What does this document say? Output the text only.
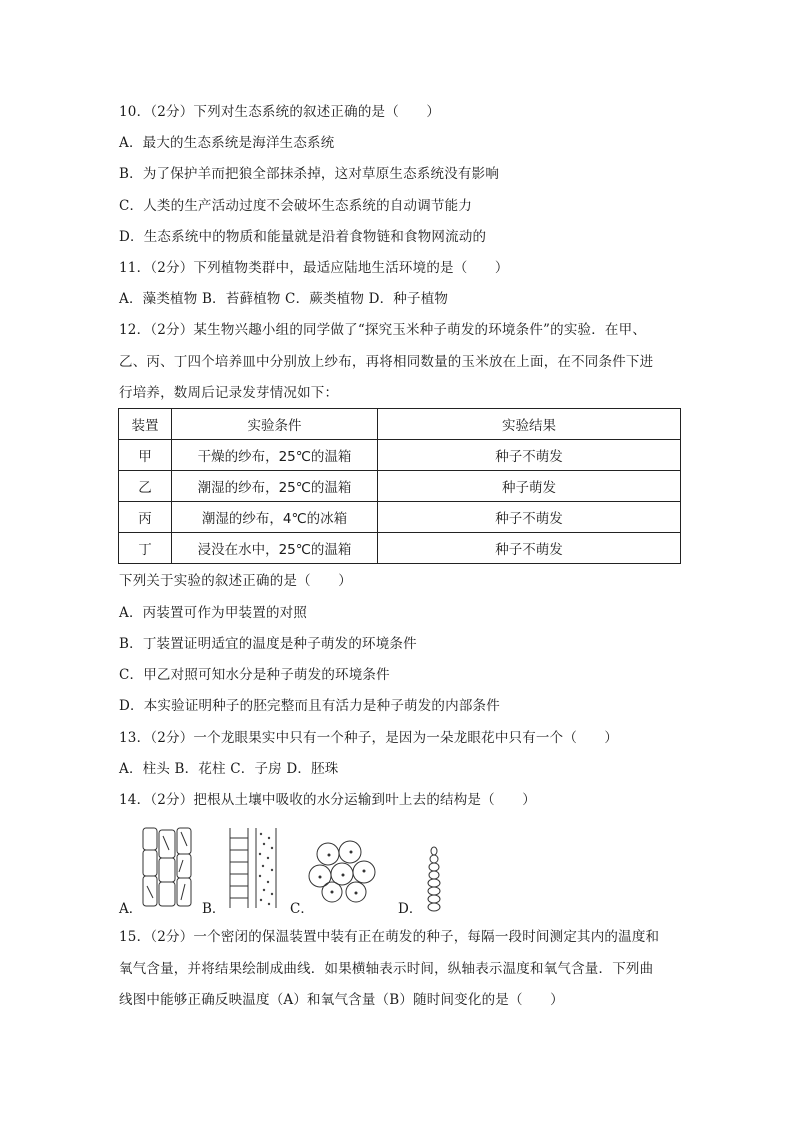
10．（2分）下列对生态系统的叙述正确的是（　　）
A．最大的生态系统是海洋生态系统
B．为了保护羊而把狼全部抹杀掉，这对草原生态系统没有影响
C．人类的生产活动过度不会破坏生态系统的自动调节能力
D．生态系统中的物质和能量就是沿着食物链和食物网流动的
11．（2分）下列植物类群中，最适应陆地生活环境的是（　　）
A．藻类植物 B．苔藓植物 C．蕨类植物 D．种子植物
12．（2分）某生物兴趣小组的同学做了“探究玉米种子萌发的环境条件”的实验．在甲、
乙、丙、丁四个培养皿中分别放上纱布，再将相同数量的玉米放在上面，在不同条件下进
行培养，数周后记录发芽情况如下：
装置	实验条件	实验结果
甲	干燥的纱布，25℃的温箱	种子不萌发
乙	潮湿的纱布，25℃的温箱	种子萌发
丙	潮湿的纱布，4℃的冰箱	种子不萌发
丁	浸没在水中，25℃的温箱	种子不萌发
下列关于实验的叙述正确的是（　　）
A．丙装置可作为甲装置的对照
B．丁装置证明适宜的温度是种子萌发的环境条件
C．甲乙对照可知水分是种子萌发的环境条件
D．本实验证明种子的胚完整而且有活力是种子萌发的内部条件
13．（2分）一个龙眼果实中只有一个种子，是因为一朵龙眼花中只有一个（　　）
A．柱头 B．花柱 C．子房 D．胚珠
14．（2分）把根从土壤中吸收的水分运输到叶上去的结构是（　　）
A．	B．	C．	D．
15．（2分）一个密闭的保温装置中装有正在萌发的种子，每隔一段时间测定其内的温度和
氧气含量，并将结果绘制成曲线．如果横轴表示时间，纵轴表示温度和氧气含量．下列曲
线图中能够正确反映温度（A）和氧气含量（B）随时间变化的是（　　）
